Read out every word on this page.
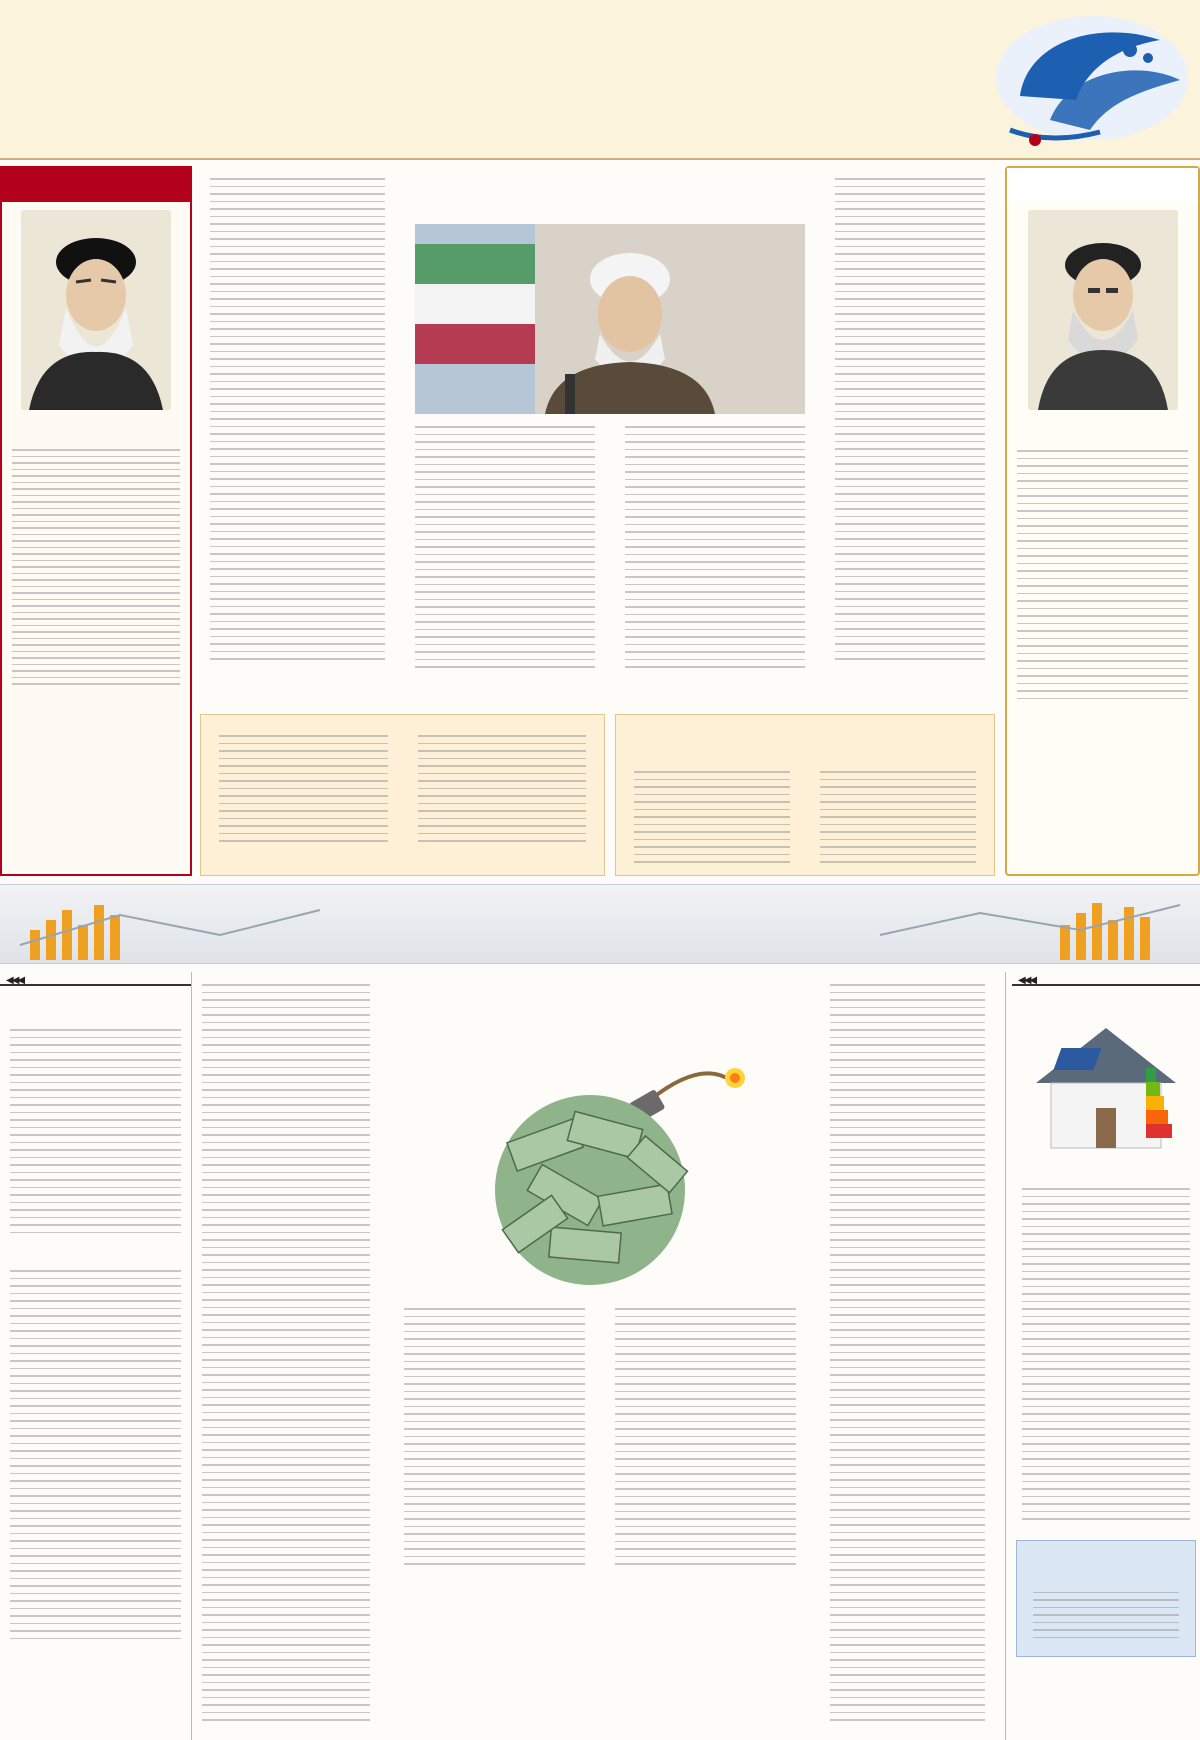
◀◀◀
◀◀◀
